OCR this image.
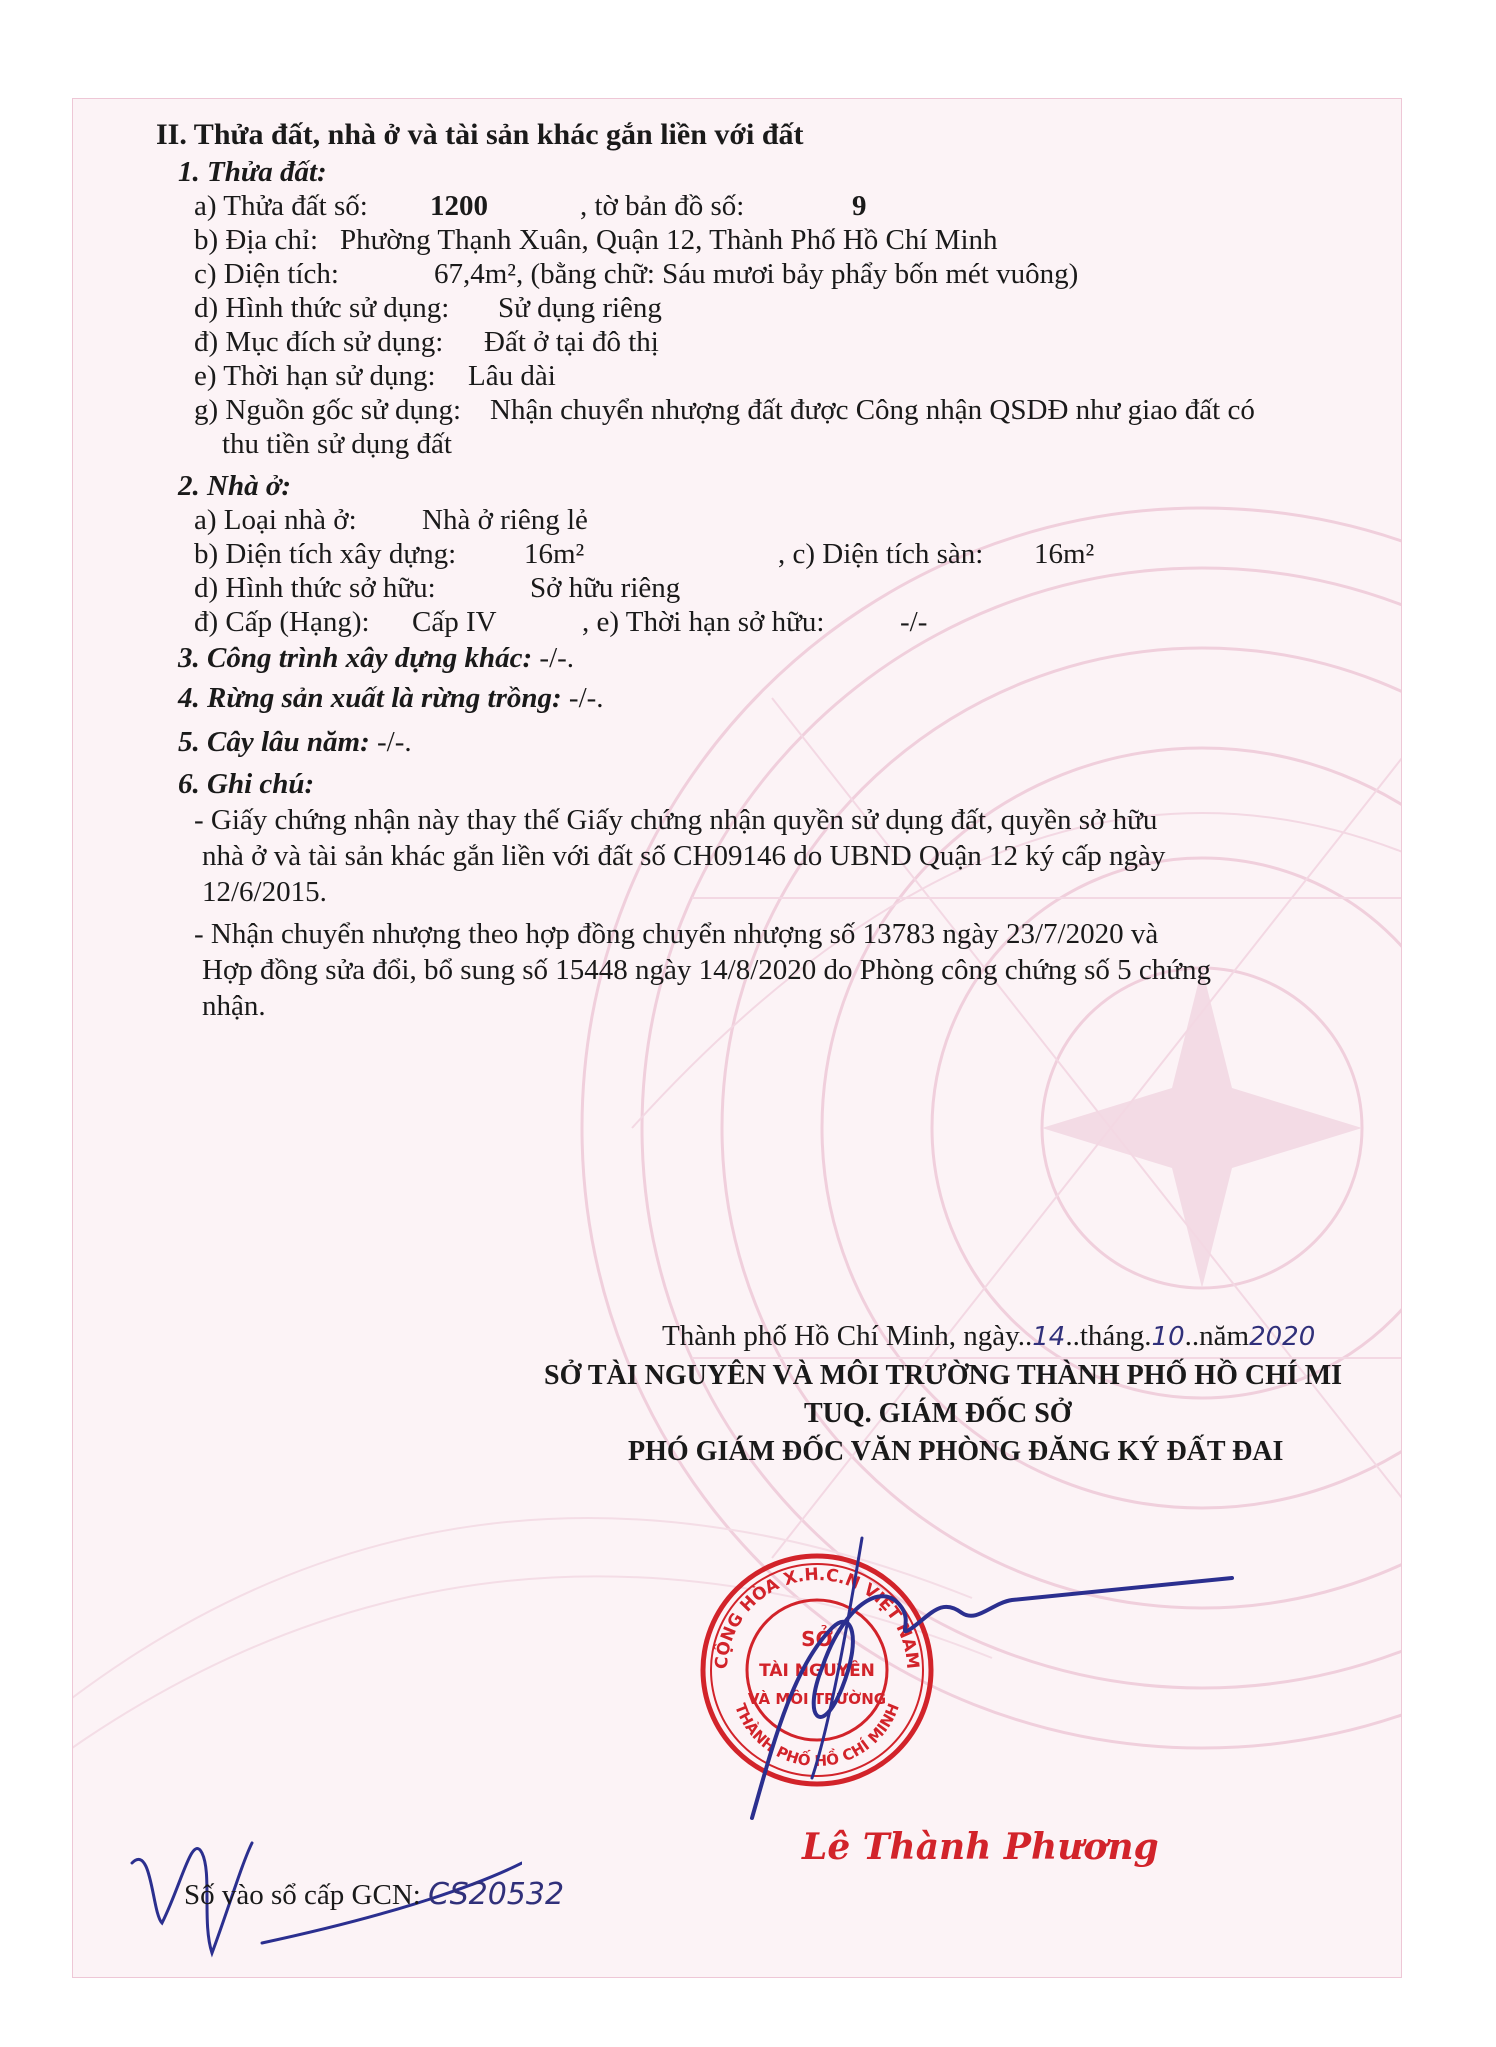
II. Thửa đất, nhà ở và tài sản khác gắn liền với đất
1. Thửa đất:
a) Thửa đất số: 1200	, tờ bản đồ số:	9
b) Địa chỉ: Phường Thạnh Xuân, Quận 12, Thành Phố Hồ Chí Minh
c) Diện tích:	67,4m², (bằng chữ: Sáu mươi bảy phẩy bốn mét vuông)
d) Hình thức sử dụng: Sử dụng riêng
đ) Mục đích sử dụng: Đất ở tại đô thị
e) Thời hạn sử dụng: Lâu dài
g) Nguồn gốc sử dụng: Nhận chuyển nhượng đất được Công nhận QSDĐ như giao đất có
thu tiền sử dụng đất
2. Nhà ở:
a) Loại nhà ở: Nhà ở riêng lẻ
b) Diện tích xây dựng: 16m²	, c) Diện tích sàn: 16m²
d) Hình thức sở hữu:	Sở hữu riêng
đ) Cấp (Hạng): Cấp IV	, e) Thời hạn sở hữu:	-/-
3. Công trình xây dựng khác: -/-.
4. Rừng sản xuất là rừng trồng: -/-.
5. Cây lâu năm: -/-.
6. Ghi chú:
- Giấy chứng nhận này thay thế Giấy chứng nhận quyền sử dụng đất, quyền sở hữu
nhà ở và tài sản khác gắn liền với đất số CH09146 do UBND Quận 12 ký cấp ngày
12/6/2015.
- Nhận chuyển nhượng theo hợp đồng chuyển nhượng số 13783 ngày 23/7/2020 và
Hợp đồng sửa đổi, bổ sung số 15448 ngày 14/8/2020 do Phòng công chứng số 5 chứng
nhận.
Thành phố Hồ Chí Minh, ngày..14..tháng.10..năm2020
SỞ TÀI NGUYÊN VÀ MÔI TRƯỜNG THÀNH PHỐ HỒ CHÍ MI
TUQ. GIÁM ĐỐC SỞ
PHÓ GIÁM ĐỐC VĂN PHÒNG ĐĂNG KÝ ĐẤT ĐAI
CỘNG HÒA X.H.C.N VIỆT NAM
THÀNH PHỐ HỒ CHÍ MINH
SỞ
TÀI NGUYÊN
VÀ MÔI TRƯỜNG
Lê Thành Phương
Số vào sổ cấp GCN: CS20532
